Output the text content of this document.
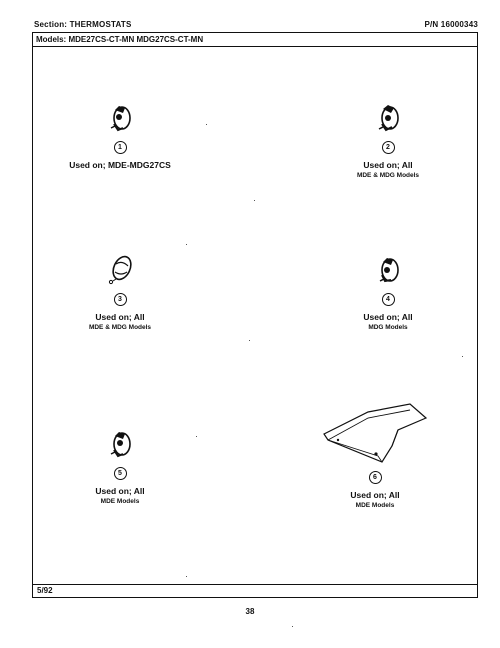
Section: THERMOSTATS	P/N 16000343
Models: MDE27CS-CT-MN MDG27CS-CT-MN
5/92
1
Used on; MDE-MDG27CS
2
Used on; All
MDE & MDG Models
3
Used on; All
MDE & MDG Models
4
Used on; All
MDG Models
5
Used on; All
MDE Models
6
Used on; All
MDE Models
38
